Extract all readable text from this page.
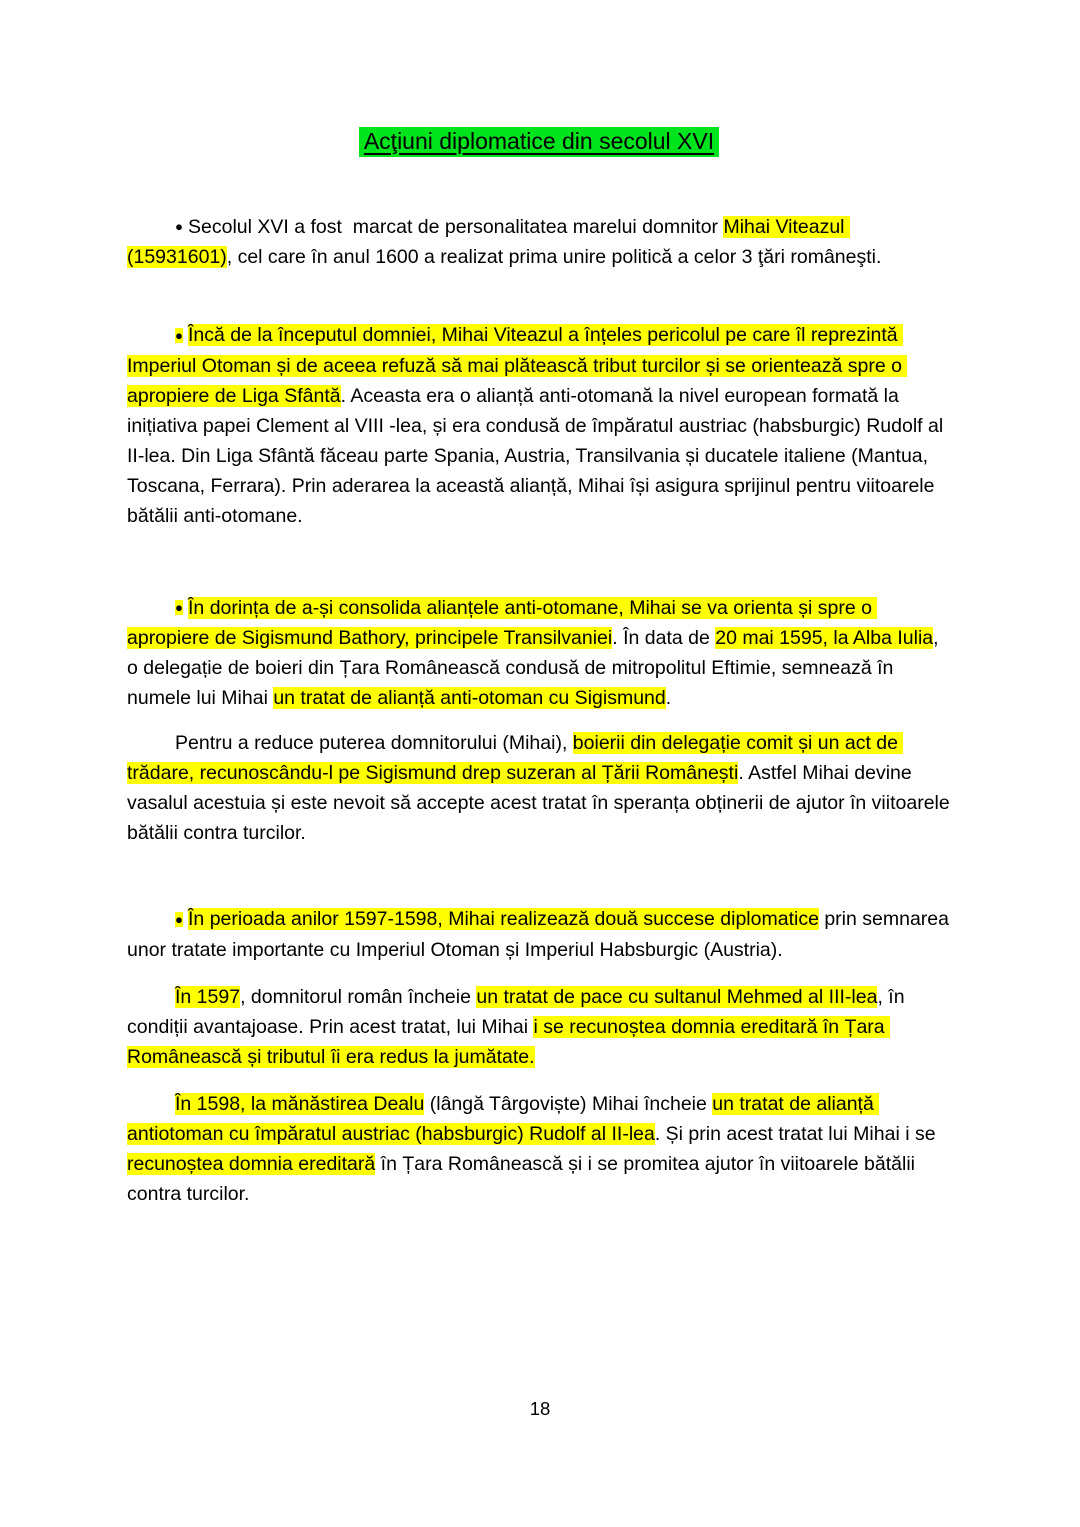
Acţiuni diplomatice din secolul XVI

● Secolul XVI a fost  marcat de personalitatea marelui domnitor Mihai Viteazul (15931601), cel care în anul 1600 a realizat prima unire politică a celor 3 ţări româneşti.

● Încă de la începutul domniei, Mihai Viteazul a înțeles pericolul pe care îl reprezintă Imperiul Otoman și de aceea refuză să mai plătească tribut turcilor și se orientează spre o apropiere de Liga Sfântă. Aceasta era o alianță anti-otomană la nivel european formată la inițiativa papei Clement al VIII -lea, și era condusă de împăratul austriac (habsburgic) Rudolf al II-lea. Din Liga Sfântă făceau parte Spania, Austria, Transilvania și ducatele italiene (Mantua, Toscana, Ferrara). Prin aderarea la această alianță, Mihai își asigura sprijinul pentru viitoarele bătălii anti-otomane.

● În dorința de a-și consolida alianțele anti-otomane, Mihai se va orienta și spre o apropiere de Sigismund Bathory, principele Transilvaniei. În data de 20 mai 1595, la Alba Iulia, o delegație de boieri din Țara Românească condusă de mitropolitul Eftimie, semnează în numele lui Mihai un tratat de alianță anti-otoman cu Sigismund.

Pentru a reduce puterea domnitorului (Mihai), boierii din delegație comit și un act de trădare, recunoscându-l pe Sigismund drep suzeran al Țării Românești. Astfel Mihai devine vasalul acestuia și este nevoit să accepte acest tratat în speranța obținerii de ajutor în viitoarele bătălii contra turcilor.

● În perioada anilor 1597-1598, Mihai realizează două succese diplomatice prin semnarea unor tratate importante cu Imperiul Otoman și Imperiul Habsburgic (Austria).

În 1597, domnitorul român încheie un tratat de pace cu sultanul Mehmed al III-lea, în condiții avantajoase. Prin acest tratat, lui Mihai i se recunoștea domnia ereditară în Țara Românească și tributul îi era redus la jumătate.

În 1598, la mănăstirea Dealu (lângă Târgoviște) Mihai încheie un tratat de alianță antiotoman cu împăratul austriac (habsburgic) Rudolf al II-lea. Și prin acest tratat lui Mihai i se recunoștea domnia ereditară în Țara Românească și i se promitea ajutor în viitoarele bătălii contra turcilor.

18
